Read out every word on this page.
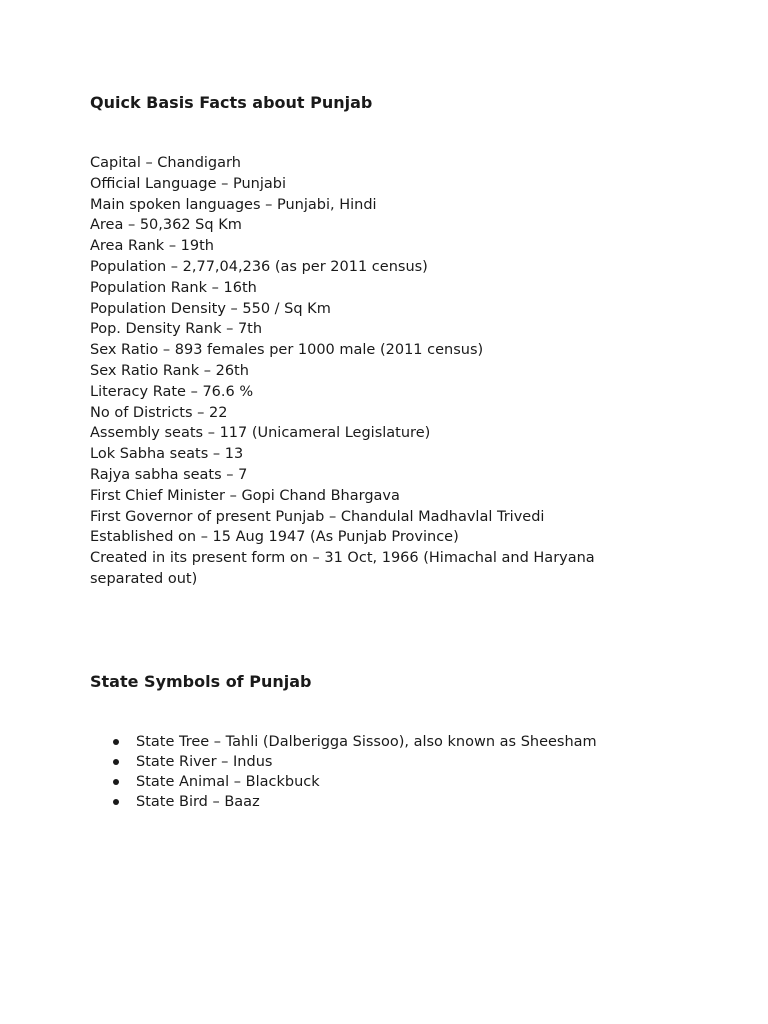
Quick Basis Facts about Punjab
Capital – Chandigarh
Official Language – Punjabi
Main spoken languages – Punjabi, Hindi
Area – 50,362 Sq Km
Area Rank – 19th
Population – 2,77,04,236 (as per 2011 census)
Population Rank – 16th
Population Density – 550 / Sq Km
Pop. Density Rank – 7th
Sex Ratio – 893 females per 1000 male (2011 census)
Sex Ratio Rank – 26th
Literacy Rate – 76.6 %
No of Districts – 22
Assembly seats – 117 (Unicameral Legislature)
Lok Sabha seats – 13
Rajya sabha seats – 7
First Chief Minister – Gopi Chand Bhargava
First Governor of present Punjab – Chandulal Madhavlal Trivedi
Established on – 15 Aug 1947 (As Punjab Province)
Created in its present form on – 31 Oct, 1966 (Himachal and Haryana separated out)
State Symbols of Punjab
State Tree – Tahli (Dalberigga Sissoo), also known as Sheesham
State River – Indus
State Animal – Blackbuck
State Bird – Baaz
